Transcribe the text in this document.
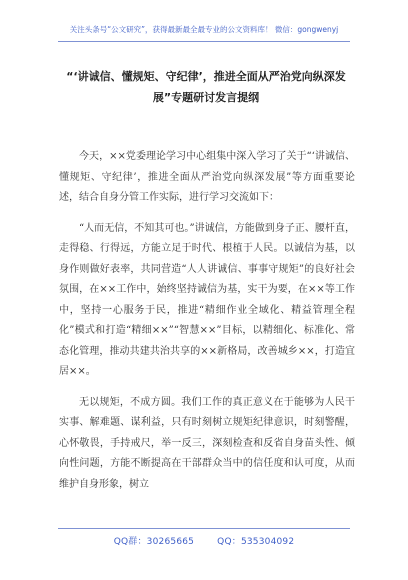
关注头条号“公文研究”，获得最新最全最专业的公文资料库！ 微信：gongwenyj
“‘讲诚信、懂规矩、守纪律’，推进全面从严治党向纵深发展”专题研讨发言提纲

今天，××党委理论学习中心组集中深入学习了关于“‘讲诚信、懂规矩、守纪律’，推进全面从严治党向纵深发展”等方面重要论述，结合自身分管工作实际，进行学习交流如下：

“人而无信，不知其可也。”讲诚信，方能做到身子正、腰杆直，走得稳、行得远，方能立足于时代、根植于人民。以诚信为基，以身作则做好表率，共同营造“人人讲诚信、事事守规矩”的良好社会氛围，在××工作中，始终坚持诚信为基，实干为要，在××等工作中，坚持一心服务于民，推进“精细作业全域化、精益管理全程化”模式和打造“精细××”“智慧××”目标，以精细化、标准化、常态化管理，推动共建共治共享的××新格局，改善城乡××，打造宜居××。

无以规矩，不成方圆。我们工作的真正意义在于能够为人民干实事、解难题、谋利益，只有时刻树立规矩纪律意识，时刻警醒，心怀敬畏，手持戒尺，举一反三，深刻检查和反省自身苗头性、倾向性问题，方能不断提高在干部群众当中的信任度和认可度，从而维护自身形象，树立

QQ群：30265665	QQ：535304092
